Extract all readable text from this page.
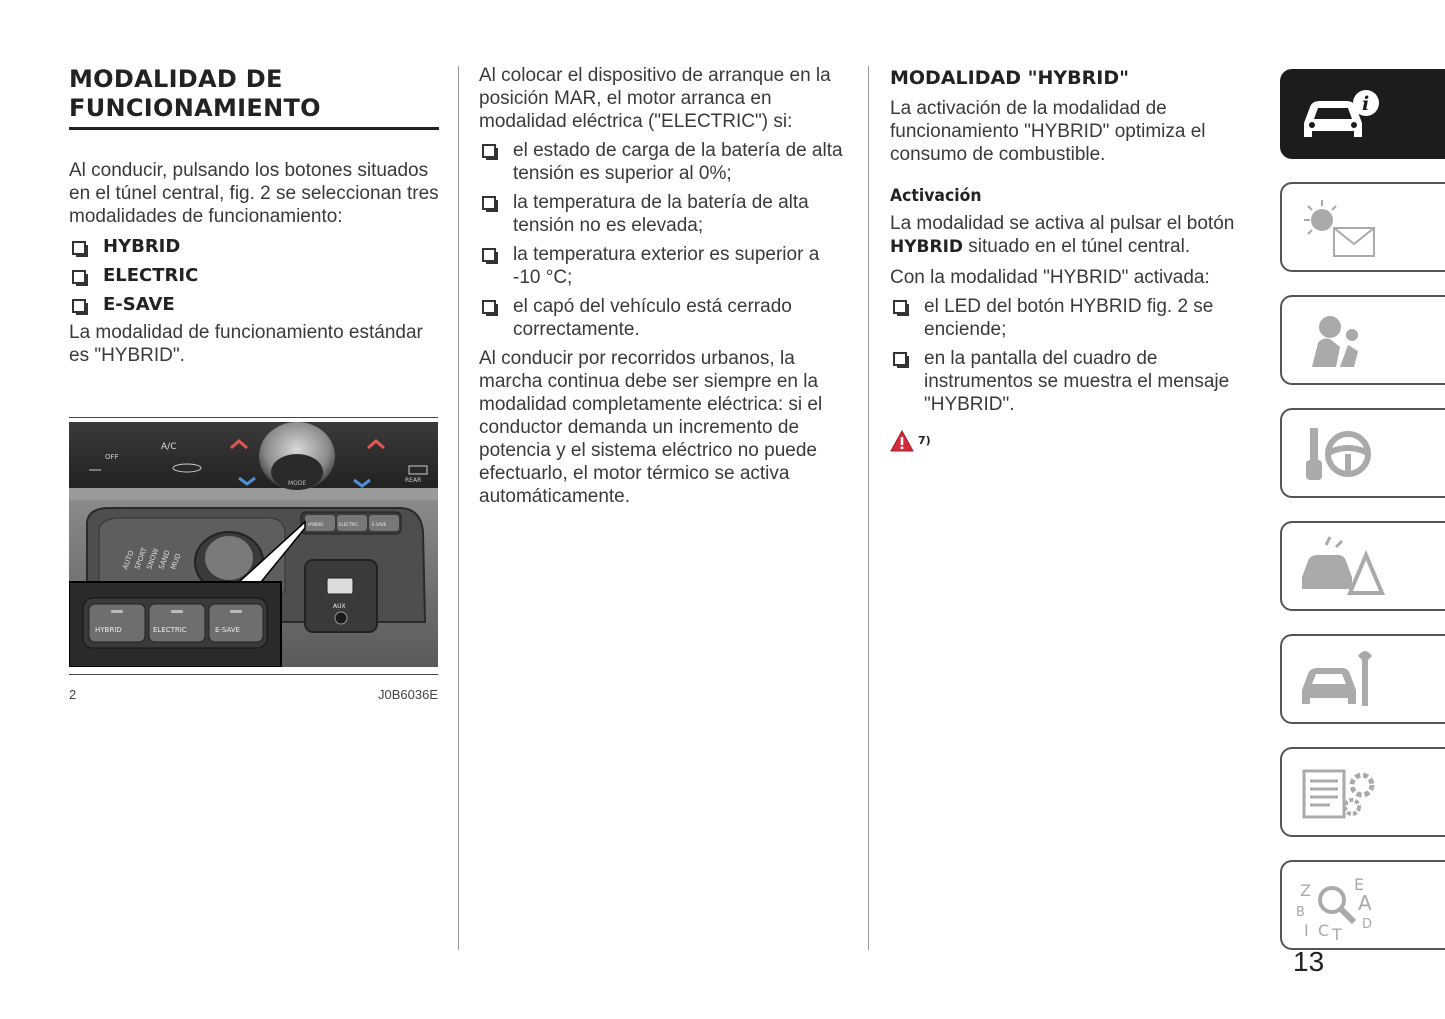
MODALIDAD DE
FUNCIONAMIENTO

Al conducir, pulsando los botones situados en el túnel central, fig. 2 se seleccionan tres modalidades de funcionamiento:

HYBRID
ELECTRIC
E-SAVE

La modalidad de funcionamiento estándar es "HYBRID".

A/C
OFF
MODE	REAR
AUTO
SPORT
SNOW
SAND
MUD
HYBRID	ELECTRIC	E-SAVE
AUX
HYBRID	ELECTRIC	E-SAVE
2	J0B6036E

Al colocar el dispositivo de arranque en la posición MAR, el motor arranca en modalidad eléctrica ("ELECTRIC") si:

el estado de carga de la batería de alta tensión es superior al 0%;
la temperatura de la batería de alta tensión no es elevada;
la temperatura exterior es superior a -10 °C;
el capó del vehículo está cerrado correctamente.

Al conducir por recorridos urbanos, la marcha continua debe ser siempre en la modalidad completamente eléctrica: si el conductor demanda un incremento de potencia y el sistema eléctrico no puede efectuarlo, el motor térmico se activa automáticamente.

MODALIDAD "HYBRID"

La activación de la modalidad de funcionamiento "HYBRID" optimiza el consumo de combustible.

Activación

La modalidad se activa al pulsar el botón HYBRID situado en el túnel central.

Con la modalidad "HYBRID" activada:

el LED del botón HYBRID fig. 2 se enciende;
en la pantalla del cuadro de instrumentos se muestra el mensaje "HYBRID".
7)
i
Z	E
B	A
I C T
D
13
